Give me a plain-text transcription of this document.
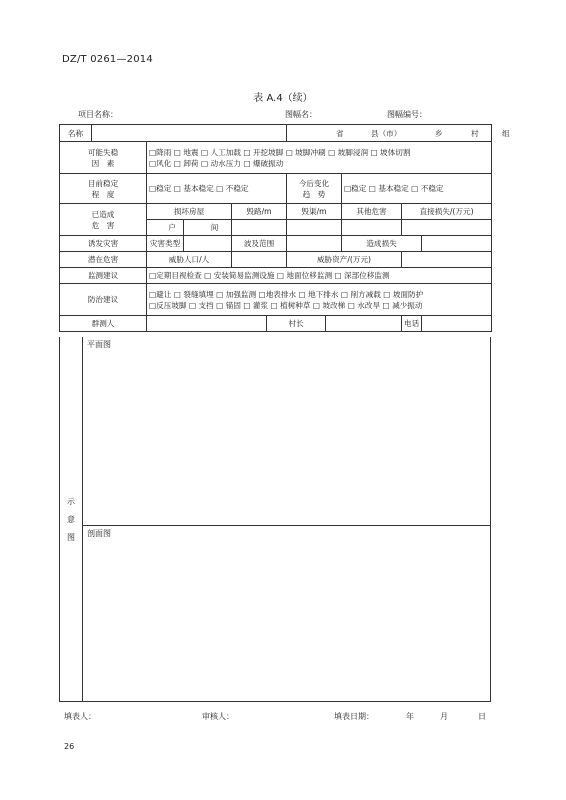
DZ/T 0261—2014
表 A.4（续）
项目名称：	图幅名：	图幅编号：
名称						省 县（市） 乡 村 组				

可能失稳
因　素		□降雨 □ 地震 □ 人工加载 □ 开挖坡脚 □ 坡脚冲刷 □ 坡脚浸润 □ 坡体切割
□风化 □ 卸荷 □ 动水压力 □ 爆破振动								

目前稳定
程　度		□稳定 □ 基本稳定 □ 不稳定				今后变化
趋　势		□稳定 □ 基本稳定 □ 不稳定		

已造成
危　害		损坏房屋		毁路/m		毁渠/m		其他危害	直接损失/(万元)	
		户	间							
诱发灾害		灾害类型		波及范围				造成损失		
潜在危害		威胁人口/人				威胁资产/(万元)				
监测建议		□定期目视检查 □ 安装简易监测设施 □ 地面位移监测 □ 深部位移监测								
防治建议		□避让 □ 裂缝填埋 □ 加强监测 □地表排水 □ 地下排水 □ 削方减载 □ 坡面防护
□反压坡脚 □ 支挡 □ 锚固 □ 灌浆 □ 植树种草 □ 坡改梯 □ 水改旱 □ 减少振动								

群测人					村长				电话	
示
意
图
平面图
剖面图
填表人：	审核人：	填表日期：	年	月	日
26
